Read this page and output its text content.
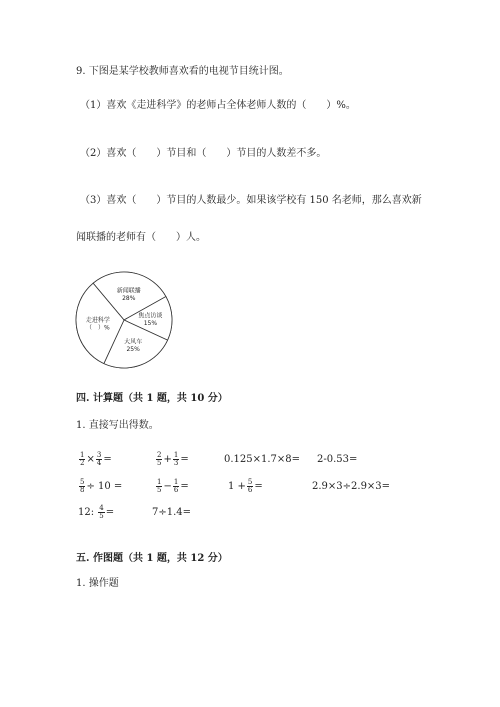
9. 下图是某学校教师喜欢看的电视节目统计图。
（1）喜欢《走进科学》的老师占全体老师人数的（　　）%。
（2）喜欢（　　）节目和（　　）节目的人数差不多。
（3）喜欢（　　）节目的人数最少。如果该学校有 150 名老师，那么喜欢新
闻联播的老师有（　　）人。
新闻联播
28%
焦点访谈
15%
大风车
25%
走进科学
（　）%
四. 计算题（共 1 题，共 10 分）
1. 直接写出得数。
$\frac{1}{2} \times \frac{3}{4}$ =	$\frac{2}{5} + \frac{1}{3}$ =	0.125×1.7×8= 2-0.53=
$\frac{5}{8} \div 10$ =	$\frac{1}{5} - \frac{1}{6}$ =	$1 + \frac{5}{6}$ =	2.9×3÷2.9×3=
12: $\frac{4}{5}$ =	7÷1.4=
五. 作图题（共 1 题，共 12 分）
1. 操作题
